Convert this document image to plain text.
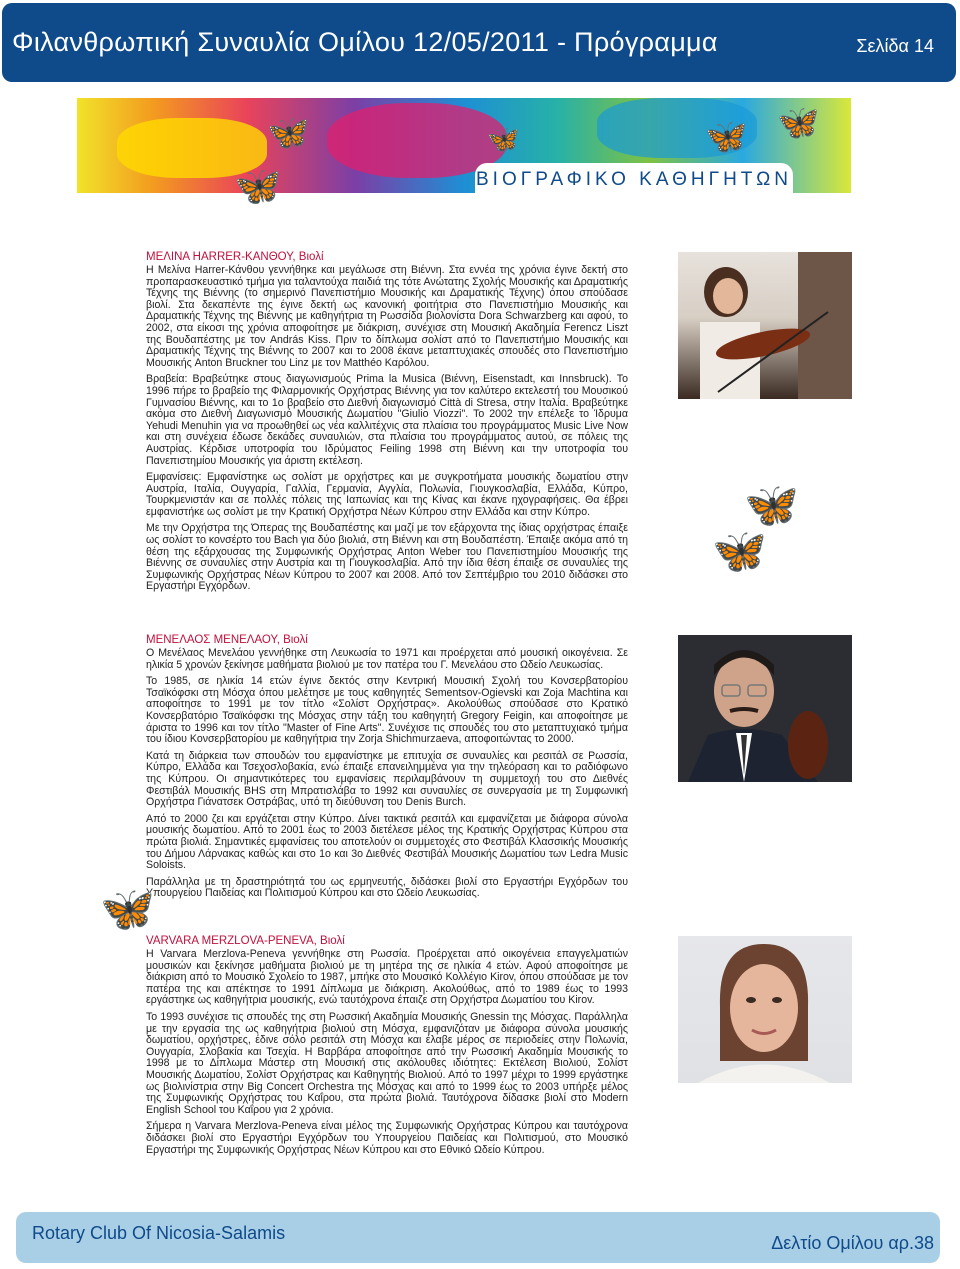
Φιλανθρωπική Συναυλία Ομίλου 12/05/2011 - Πρόγραμμα	Σελίδα 14
🦋	🦋	🦋 🦋
ΒΙΟΓΡΑΦΙΚΟ ΚΑΘΗΓΗΤΩΝ
🦋
ΜΕΛΙΝΑ HARRER-ΚΑΝΘΟΥ, Βιολί

Η Μελίνα Harrer-Κάνθου γεννήθηκε και μεγάλωσε στη Βιέννη. Στα εννέα της χρόνια έγινε δεκτή στο προπαρασκευαστικό τμήμα για ταλαντούχα παιδιά της τότε Ανώτατης Σχολής Μουσικής και Δραματικής Τέχνης της Βιέννης (το σημερινό Πανεπιστήμιο Μουσικής και Δραματικής Τέχνης) όπου σπούδασε βιολί. Στα δεκαπέντε της έγινε δεκτή ως κανονική φοιτήτρια στο Πανεπιστήμιο Μουσικής και Δραματικής Τέχνης της Βιέννης με καθηγήτρια τη Ρωσσίδα βιολονίστα Dora Schwarzberg και αφού, το 2002, στα είκοσι της χρόνια αποφοίτησε με διάκριση, συνέχισε στη Μουσική Ακαδημία Ferencz Liszt της Βουδαπέστης με τον András Kiss. Πριν το δίπλωμα σολίστ από το Πανεπιστήμιο Μουσικής και Δραματικής Τέχνης της Βιέννης το 2007 και το 2008 έκανε μεταπτυχιακές σπουδές στο Πανεπιστήμιο Μουσικής Anton Bruckner του Linz με τον Matthéo Καρόλου.

Βραβεία: Βραβεύτηκε στους διαγωνισμούς Prima la Musica (Βιέννη, Eisenstadt, και Innsbruck). Το 1996 πήρε το βραβείο της Φιλαρμονικής Ορχήστρας Βιέννης για τον καλύτερο εκτελεστή του Μουσικού Γυμνασίου Βιέννης, και το 1ο βραβείο στο Διεθνή διαγωνισμό Città di Stresa, στην Ιταλία. Βραβεύτηκε ακόμα στο Διεθνή Διαγωνισμό Μουσικής Δωματίου "Giulio Viozzi". Το 2002 την επέλεξε το Ίδρυμα Yehudi Menuhin για να προωθηθεί ως νέα καλλιτέχνις στα πλαίσια του προγράμματος Music Live Now και στη συνέχεια έδωσε δεκάδες συναυλιών, στα πλαίσια του προγράμματος αυτού, σε πόλεις της Αυστρίας. Κέρδισε υποτροφία του Ιδρύματος Feiling 1998 στη Βιέννη και την υποτροφία του Πανεπιστημίου Μουσικής για άριστη εκτέλεση.

Εμφανίσεις: Εμφανίστηκε ως σολίστ με ορχήστρες και με συγκροτήματα μουσικής δωματίου στην Αυστρία, Ιταλία, Ουγγαρία, Γαλλία, Γερμανία, Αγγλία, Πολωνία, Γιουγκοσλαβία, Ελλάδα, Κύπρο, Τουρκμενιστάν και σε πολλές πόλεις της Ιαπωνίας και της Κίνας και έκανε ηχογραφήσεις. Θα έβρει εμφανιστήκε ως σολίστ με την Κρατική Ορχήστρα Νέων Κύπρου στην Ελλάδα και στην Κύπρο.

Με την Ορχήστρα της Όπερας της Βουδαπέστης και μαζί με τον εξάρχοντα της ίδιας ορχήστρας έπαιξε ως σολίστ το κονσέρτο του Bach για δύο βιολιά, στη Βιέννη και στη Βουδαπέστη. Έπαιξε ακόμα από τη θέση της εξάρχουσας της Συμφωνικής Ορχήστρας Anton Weber του Πανεπιστημίου Μουσικής της Βιέννης σε συναυλίες στην Αυστρία και τη Γιουγκοσλαβία. Από την ίδια θέση έπαιξε σε συναυλίες της Συμφωνικής Ορχήστρας Νέων Κύπρου το 2007 και 2008. Από τον Σεπτέμβριο του 2010 διδάσκει στο Εργαστήρι Εγχόρδων.

🦋
🦋
ΜΕΝΕΛΑΟΣ ΜΕΝΕΛΑΟΥ, Βιολί

Ο Μενέλαος Μενελάου γεννήθηκε στη Λευκωσία το 1971 και προέρχεται από μουσική οικογένεια. Σε ηλικία 5 χρονών ξεκίνησε μαθήματα βιολιού με τον πατέρα του Γ. Μενελάου στο Ωδείο Λευκωσίας.

Το 1985, σε ηλικία 14 ετών έγινε δεκτός στην Κεντρική Μουσική Σχολή του Κονσερβατορίου Τσαϊκόφσκι στη Μόσχα όπου μελέτησε με τους καθηγητές Sementsov-Ogievski και Zoja Machtina και αποφοίτησε το 1991 με τον τίτλο «Σολίστ Ορχήστρας». Ακολούθως σπούδασε στο Κρατικό Κονσερβατόριο Τσαϊκόφσκι της Μόσχας στην τάξη του καθηγητή Gregory Feigin, και αποφοίτησε με άριστα το 1996 και τον τίτλο "Master of Fine Arts". Συνέχισε τις σπουδές του στο μεταπτυχιακό τμήμα του ίδιου Κονσερβατορίου με καθηγήτρια την Zorja Shichmurzaeva, αποφοιτώντας το 2000.

Κατά τη διάρκεια των σπουδών του εμφανίστηκε με επιτυχία σε συναυλίες και ρεσιτάλ σε Ρωσσία, Κύπρο, Ελλάδα και Τσεχοσλοβακία, ενώ έπαιξε επανειλημμένα για την τηλεόραση και το ραδιόφωνο της Κύπρου. Οι σημαντικότερες του εμφανίσεις περιλαμβάνουν τη συμμετοχή του στο Διεθνές Φεστιβάλ Μουσικής BHS στη Μπρατισλάβα το 1992 και συναυλίες σε συνεργασία με τη Συμφωνική Ορχήστρα Γιάνατσεκ Οστράβας, υπό τη διεύθυνση του Denis Burch.

Από το 2000 ζει και εργάζεται στην Κύπρο. Δίνει τακτικά ρεσιτάλ και εμφανίζεται με διάφορα σύνολα μουσικής δωματίου. Από το 2001 έως το 2003 διετέλεσε μέλος της Κρατικής Ορχήστρας Κύπρου στα πρώτα βιολιά. Σημαντικές εμφανίσεις του αποτελούν οι συμμετοχές στο Φεστιβάλ Κλασσικής Μουσικής του Δήμου Λάρνακας καθώς και στο 1ο και 3ο Διεθνές Φεστιβάλ Μουσικής Δωματίου των Ledra Music Soloists.

Παράλληλα με τη δραστηριότητά του ως ερμηνευτής, διδάσκει βιολί στο Εργαστήρι Εγχόρδων του Υπουργείου Παιδείας και Πολιτισμού Κύπρου και στο Ωδείο Λευκωσίας.

🦋
VARVARA MERZLOVA-PENEVA, Βιολί

Η Varvara Merzlova-Peneva γεννήθηκε στη Ρωσσία. Προέρχεται από οικογένεια επαγγελματιών μουσικών και ξεκίνησε μαθήματα βιολιού με τη μητέρα της σε ηλικία 4 ετών. Αφού αποφοίτησε με διάκριση από το Μουσικό Σχολείο το 1987, μπήκε στο Μουσικό Κολλέγιο Kirov, όπου σπούδασε με τον πατέρα της και απέκτησε το 1991 Δίπλωμα με διάκριση. Ακολούθως, από το 1989 έως το 1993 εργάστηκε ως καθηγήτρια μουσικής, ενώ ταυτόχρονα έπαιζε στη Ορχήστρα Δωματίου του Kirov.

Το 1993 συνέχισε τις σπουδές της στη Ρωσσική Ακαδημία Μουσικής Gnessin της Μόσχας. Παράλληλα με την εργασία της ως καθηγήτρια βιολιού στη Μόσχα, εμφανιζόταν με διάφορα σύνολα μουσικής δωματίου, ορχήστρες, έδινε σόλο ρεσιτάλ στη Μόσχα και έλαβε μέρος σε περιοδείες στην Πολωνία, Ουγγαρία, Σλοβακία και Τσεχία. Η Βαρβάρα αποφοίτησε από την Ρωσσική Ακαδημία Μουσικής το 1998 με το Δίπλωμα Μάστερ στη Μουσική στις ακόλουθες ιδιότητες: Εκτέλεση Βιολιού, Σολίστ Μουσικής Δωματίου, Σολίστ Ορχήστρας και Καθηγητής Βιολιού. Από το 1997 μέχρι το 1999 εργάστηκε ως βιολινίστρια στην Big Concert Orchestra της Μόσχας και από το 1999 έως το 2003 υπήρξε μέλος της Συμφωνικής Ορχήστρας του Καΐρου, στα πρώτα βιολιά. Ταυτόχρονα δίδασκε βιολί στο Modern English School του Καΐρου για 2 χρόνια.

Σήμερα η Varvara Merzlova-Peneva είναι μέλος της Συμφωνικής Ορχήστρας Κύπρου και ταυτόχρονα διδάσκει βιολί στο Εργαστήρι Εγχόρδων του Υπουργείου Παιδείας και Πολιτισμού, στο Μουσικό Εργαστήρι της Συμφωνικής Ορχήστρας Νέων Κύπρου και στο Εθνικό Ωδείο Κύπρου.

Rotary Club Of Nicosia-Salamis	Δελτίο Ομίλου αρ.38
